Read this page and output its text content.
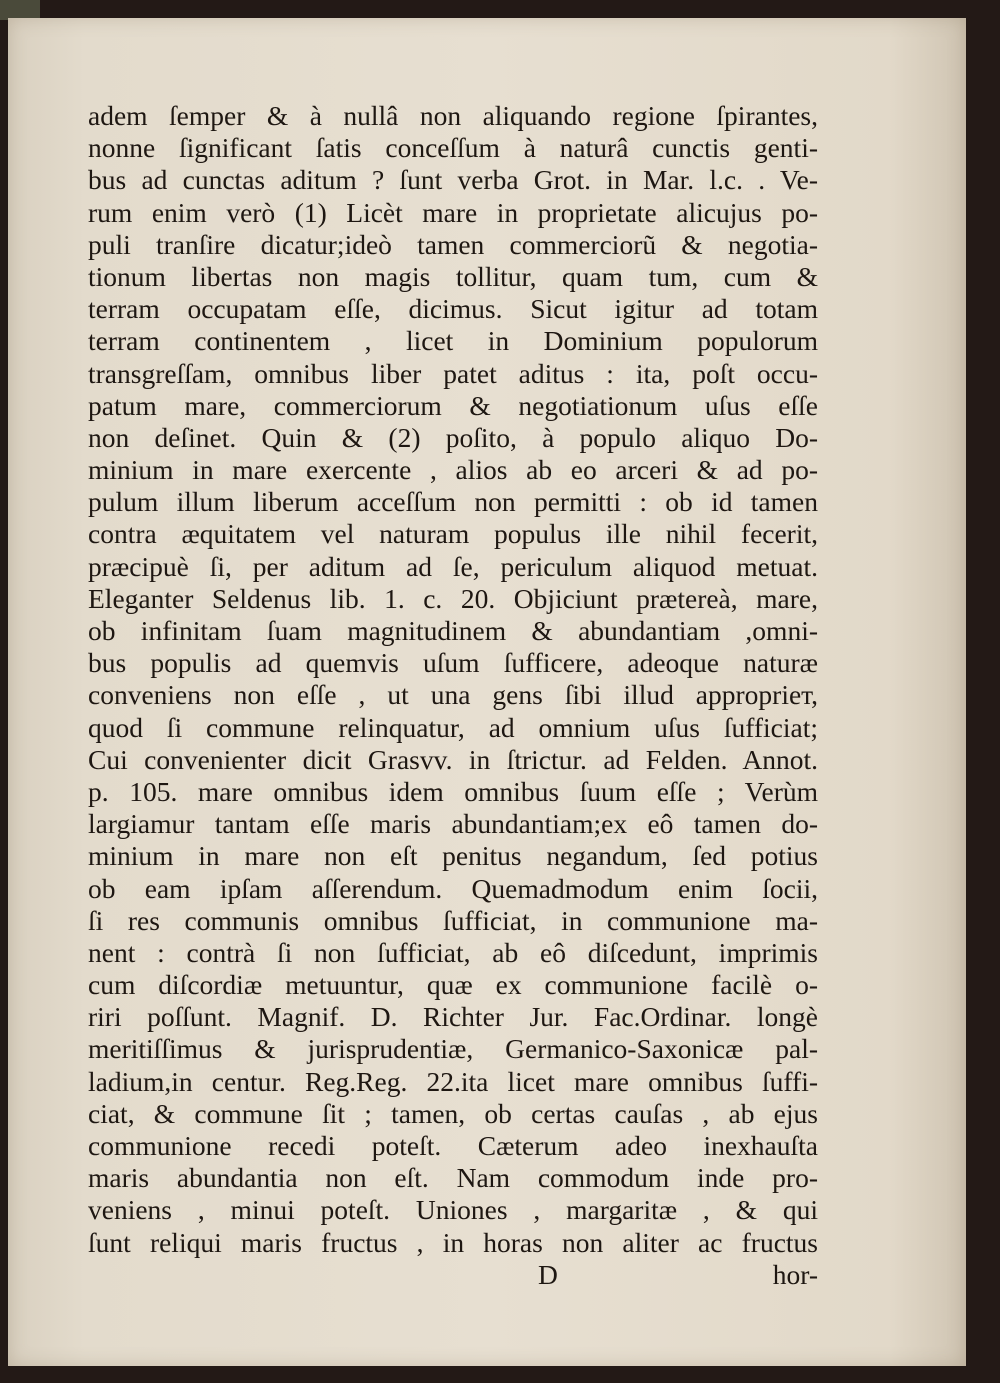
adem ſemper & à nullâ non aliquando regione ſpirantes,
nonne ſignificant ſatis conceſſum à naturâ cunctis genti-
bus ad cunctas aditum ? ſunt verba Grot. in Mar. l.c. . Ve-
rum enim verò (1) Licèt mare in proprietate alicujus po-
puli tranſire dicatur;ideò tamen commerciorũ & negotia-
tionum libertas non magis tollitur, quam tum, cum &
terram occupatam eſſe, dicimus. Sicut igitur ad totam
terram continentem , licet in Dominium populorum
transgreſſam, omnibus liber patet aditus : ita, poſt occu-
patum mare, commerciorum & negotiationum uſus eſſe
non deſinet. Quin & (2) poſito, à populo aliquo Do-
minium in mare exercente , alios ab eo arceri & ad po-
pulum illum liberum acceſſum non permitti : ob id tamen
contra æquitatem vel naturam populus ille nihil fecerit,
præcipuè ſi, per aditum ad ſe, periculum aliquod metuat.
Eleganter Seldenus lib. 1. c. 20. Objiciunt prætereà, mare,
ob infinitam ſuam magnitudinem & abundantiam ,omni-
bus populis ad quemvis uſum ſufficere, adeoque naturæ
conveniens non eſſe , ut una gens ſibi illud approprieт,
quod ſi commune relinquatur, ad omnium uſus ſufficiat;
Cui convenienter dicit Grasvv. in ſtrictur. ad Felden. Annot.
p. 105. mare omnibus idem omnibus ſuum eſſe ; Verùm
largiamur tantam eſſe maris abundantiam;ex eô tamen do-
minium in mare non eſt penitus negandum, ſed potius
ob eam ipſam aſſerendum. Quemadmodum enim ſocii,
ſi res communis omnibus ſufficiat, in communione ma-
nent : contrà ſi non ſufficiat, ab eô diſcedunt, imprimis
cum diſcordiæ metuuntur, quæ ex communione facilè o-
riri poſſunt. Magnif. D. Richter Jur. Fac.Ordinar. longè
meritiſſimus & jurisprudentiæ, Germanico-Saxonicæ pal-
ladium,in centur. Reg.Reg. 22.ita licet mare omnibus ſuffi-
ciat, & commune ſit ; tamen, ob certas cauſas , ab ejus
communione recedi poteſt. Cæterum adeo inexhauſta
maris abundantia non eſt. Nam commodum inde pro-
veniens , minui poteſt. Uniones , margaritæ , & qui
ſunt reliqui maris fructus , in horas non aliter ac fructus
D	hor-
